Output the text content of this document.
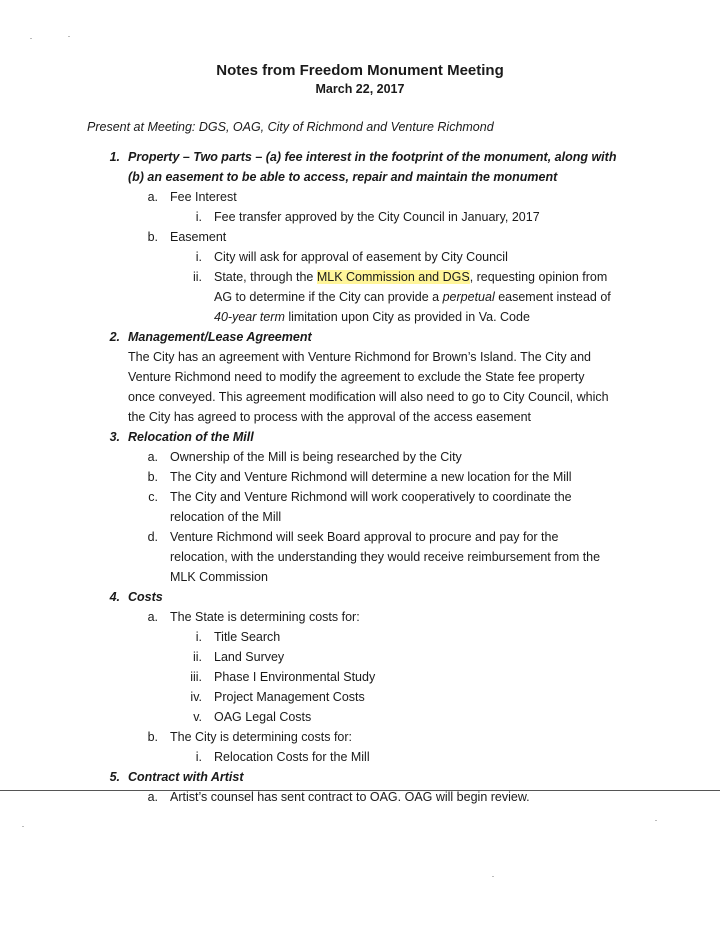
Notes from Freedom Monument Meeting
March 22, 2017
Present at Meeting: DGS, OAG, City of Richmond and Venture Richmond
1. Property – Two parts – (a) fee interest in the footprint of the monument, along with
(b) an easement to be able to access, repair and maintain the monument
a. Fee Interest
i. Fee transfer approved by the City Council in January, 2017
b. Easement
i. City will ask for approval of easement by City Council
ii. State, through the MLK Commission and DGS, requesting opinion from
AG to determine if the City can provide a perpetual easement instead of
40-year term limitation upon City as provided in Va. Code
2. Management/Lease Agreement
The City has an agreement with Venture Richmond for Brown’s Island. The City and
Venture Richmond need to modify the agreement to exclude the State fee property
once conveyed. This agreement modification will also need to go to City Council, which
the City has agreed to process with the approval of the access easement
3. Relocation of the Mill
a. Ownership of the Mill is being researched by the City
b. The City and Venture Richmond will determine a new location for the Mill
c. The City and Venture Richmond will work cooperatively to coordinate the
relocation of the Mill
d. Venture Richmond will seek Board approval to procure and pay for the
relocation, with the understanding they would receive reimbursement from the
MLK Commission
4. Costs
a. The State is determining costs for:
i. Title Search
ii. Land Survey
iii. Phase I Environmental Study
iv. Project Management Costs
v. OAG Legal Costs
b. The City is determining costs for:
i. Relocation Costs for the Mill
5. Contract with Artist
a. Artist’s counsel has sent contract to OAG. OAG will begin review.
